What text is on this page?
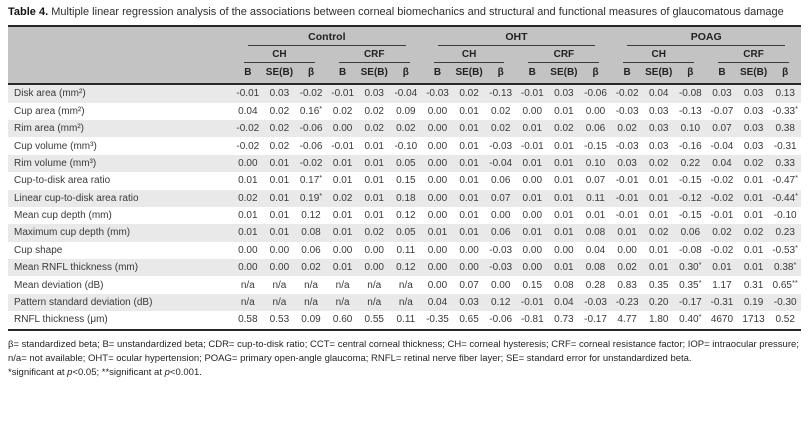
Table 4. Multiple linear regression analysis of the associations between corneal biomechanics and structural and functional measures of glaucomatous damage

	Control						OHT						POAG					

	CH			CRF			CH			CRF			CH			CRF		

	B	SE(B)	β	B	SE(B)	β	B	SE(B)	β	B	SE(B)	β	B	SE(B)	β	B	SE(B)	β
Disk area (mm²)	-0.01	0.03	-0.02	-0.01	0.03	-0.04	-0.03	0.02	-0.13	-0.01	0.03	-0.06	-0.02	0.04	-0.08	0.03	0.03	0.13
Cup area (mm²)	0.04	0.02	0.16*	0.02	0.02	0.09	0.00	0.01	0.02	0.00	0.01	0.00	-0.03	0.03	-0.13	-0.07	0.03	-0.33*
Rim area (mm²)	-0.02	0.02	-0.06	0.00	0.02	0.02	0.00	0.01	0.02	0.01	0.02	0.06	0.02	0.03	0.10	0.07	0.03	0.38
Cup volume (mm³)	-0.02	0.02	-0.06	-0.01	0.01	-0.10	0.00	0.01	-0.03	-0.01	0.01	-0.15	-0.03	0.03	-0.16	-0.04	0.03	-0.31
Rim volume (mm³)	0.00	0.01	-0.02	0.01	0.01	0.05	0.00	0.01	-0.04	0.01	0.01	0.10	0.03	0.02	0.22	0.04	0.02	0.33
Cup-to-disk area ratio	0.01	0.01	0.17*	0.01	0.01	0.15	0.00	0.01	0.06	0.00	0.01	0.07	-0.01	0.01	-0.15	-0.02	0.01	-0.47*
Linear cup-to-disk area ratio	0.02	0.01	0.19*	0.02	0.01	0.18	0.00	0.01	0.07	0.01	0.01	0.11	-0.01	0.01	-0.12	-0.02	0.01	-0.44*
Mean cup depth (mm)	0.01	0.01	0.12	0.01	0.01	0.12	0.00	0.01	0.00	0.00	0.01	0.01	-0.01	0.01	-0.15	-0.01	0.01	-0.10
Maximum cup depth (mm)	0.01	0.01	0.08	0.01	0.02	0.05	0.01	0.01	0.06	0.01	0.01	0.08	0.01	0.02	0.06	0.02	0.02	0.23
Cup shape	0.00	0.00	0.06	0.00	0.00	0.11	0.00	0.00	-0.03	0.00	0.00	0.04	0.00	0.01	-0.08	-0.02	0.01	-0.53*
Mean RNFL thickness (mm)	0.00	0.00	0.02	0.01	0.00	0.12	0.00	0.00	-0.03	0.00	0.01	0.08	0.02	0.01	0.30*	0.01	0.01	0.38*
Mean deviation (dB)	n/a	n/a	n/a	n/a	n/a	n/a	0.00	0.07	0.00	0.15	0.08	0.28	0.83	0.35	0.35*	1.17	0.31	0.65**
Pattern standard deviation (dB)	n/a	n/a	n/a	n/a	n/a	n/a	0.04	0.03	0.12	-0.01	0.04	-0.03	-0.23	0.20	-0.17	-0.31	0.19	-0.30
RNFL thickness (μm)	0.58	0.53	0.09	0.60	0.55	0.11	-0.35	0.65	-0.06	-0.81	0.73	-0.17	4.77	1.80	0.40*	4670	1713	0.52

β= standardized beta; B= unstandardized beta; CDR= cup-to-disk ratio; CCT= central corneal thickness; CH= corneal hysteresis; CRF= corneal resistance factor; IOP= intraocular pressure; n/a= not available; OHT= ocular hypertension; POAG= primary open-angle glaucoma; RNFL= retinal nerve fiber layer; SE= standard error for unstandardized beta.

*significant at p<0.05; **significant at p<0.001.
